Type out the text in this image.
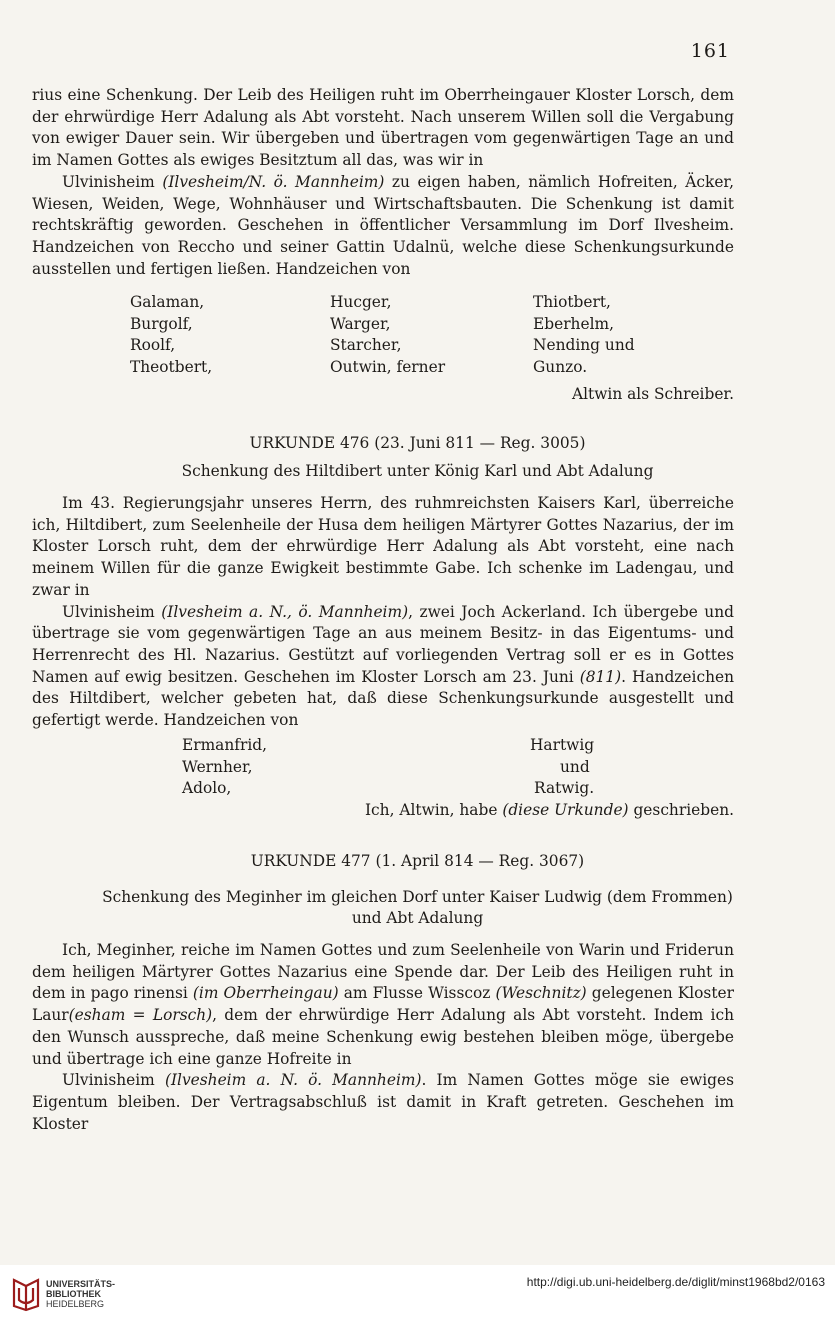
161

rius eine Schenkung. Der Leib des Heiligen ruht im Oberrheingauer Kloster Lorsch, dem der ehrwürdige Herr Adalung als Abt vorsteht. Nach unserem Willen soll die Vergabung von ewiger Dauer sein. Wir übergeben und übertragen vom gegenwärtigen Tage an und im Namen Gottes als ewiges Besitztum all das, was wir in

Ulvinisheim (Ilvesheim/N. ö. Mannheim) zu eigen haben, nämlich Hofreiten, Äcker, Wiesen, Weiden, Wege, Wohnhäuser und Wirtschaftsbauten. Die Schenkung ist damit rechtskräftig geworden. Geschehen in öffentlicher Versammlung im Dorf Ilvesheim. Handzeichen von Reccho und seiner Gattin Udalnü, welche diese Schenkungsurkunde ausstellen und fertigen ließen. Handzeichen von

Galaman,	Hucger,	Thiotbert,
Burgolf,	Warger,	Eberhelm,
Roolf,	Starcher,	Nending und
Theotbert,	Outwin, ferner	Gunzo.
Altwin als Schreiber.
URKUNDE 476 (23. Juni 811 — Reg. 3005)
Schenkung des Hiltdibert unter König Karl und Abt Adalung

Im 43. Regierungsjahr unseres Herrn, des ruhmreichsten Kaisers Karl, überreiche ich, Hiltdibert, zum Seelenheile der Husa dem heiligen Märtyrer Gottes Nazarius, der im Kloster Lorsch ruht, dem der ehrwürdige Herr Adalung als Abt vorsteht, eine nach meinem Willen für die ganze Ewigkeit bestimmte Gabe. Ich schenke im Ladengau, und zwar in

Ulvinisheim (Ilvesheim a. N., ö. Mannheim), zwei Joch Ackerland. Ich übergebe und übertrage sie vom gegenwärtigen Tage an aus meinem Besitz- in das Eigentums- und Herrenrecht des Hl. Nazarius. Gestützt auf vorliegenden Vertrag soll er es in Gottes Namen auf ewig besitzen. Geschehen im Kloster Lorsch am 23. Juni (811). Handzeichen des Hiltdibert, welcher gebeten hat, daß diese Schenkungsurkunde ausgestellt und gefertigt werde. Handzeichen von

Ermanfrid,	Hartwig
Wernher,	und
Adolo,	Ratwig.
Ich, Altwin, habe (diese Urkunde) geschrieben.
URKUNDE 477 (1. April 814 — Reg. 3067)
Schenkung des Meginher im gleichen Dorf unter Kaiser Ludwig (dem Frommen)
und Abt Adalung

Ich, Meginher, reiche im Namen Gottes und zum Seelenheile von Warin und Friderun dem heiligen Märtyrer Gottes Nazarius eine Spende dar. Der Leib des Heiligen ruht in dem in pago rinensi (im Oberrheingau) am Flusse Wisscoz (Weschnitz) gelegenen Kloster Laur(esham = Lorsch), dem der ehrwürdige Herr Adalung als Abt vorsteht. Indem ich den Wunsch ausspreche, daß meine Schenkung ewig bestehen bleiben möge, übergebe und übertrage ich eine ganze Hofreite in

Ulvinisheim (Ilvesheim a. N. ö. Mannheim). Im Namen Gottes möge sie ewiges Eigentum bleiben. Der Vertragsabschluß ist damit in Kraft getreten. Geschehen im Kloster

UNIVERSITÄTS-
BIBLIOTHEK
HEIDELBERG
http://digi.ub.uni-heidelberg.de/diglit/minst1968bd2/0163
